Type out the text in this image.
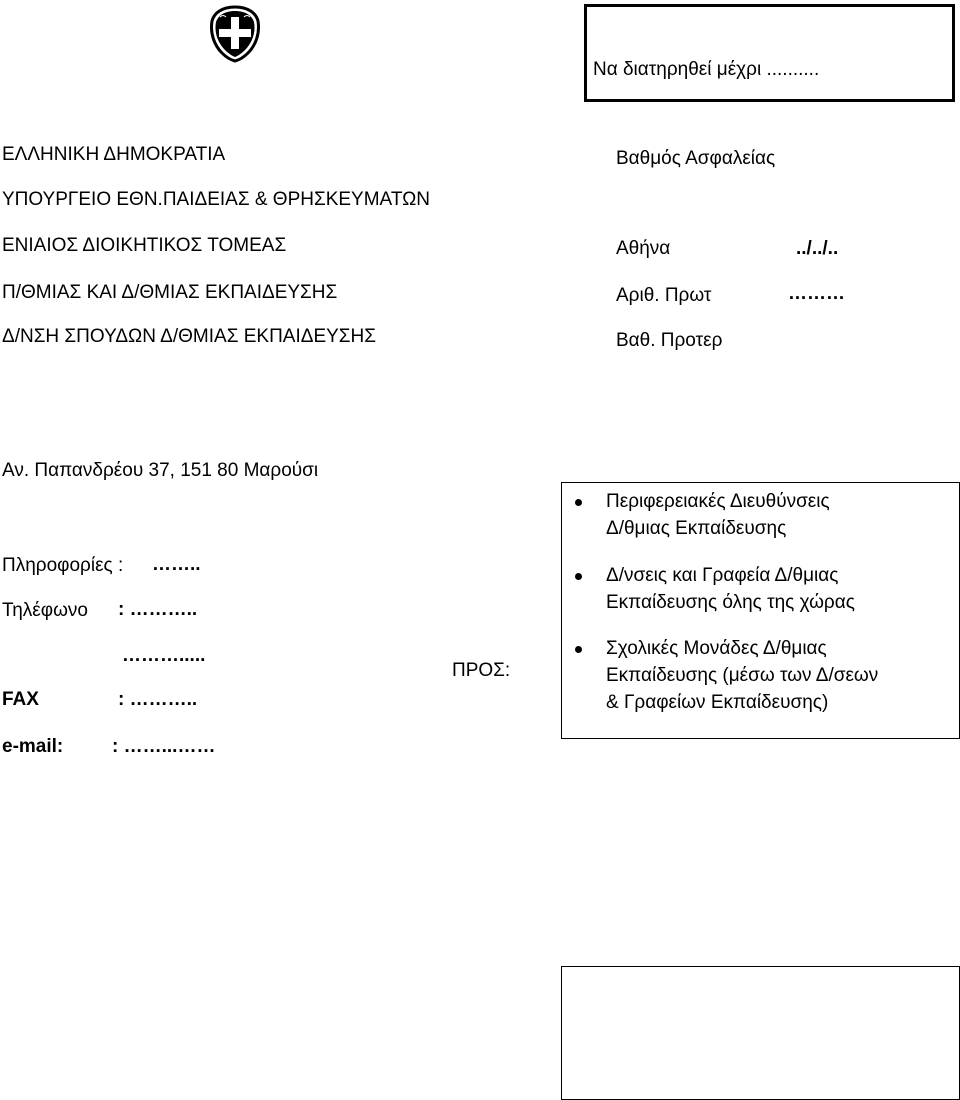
Να διατηρηθεί μέχρι ..........
ΕΛΛΗΝΙΚΗ ΔΗΜΟΚΡΑΤΙΑ
ΥΠΟΥΡΓΕΙΟ ΕΘΝ.ΠΑΙΔΕΙΑΣ & ΘΡΗΣΚΕΥΜΑΤΩΝ
ΕΝΙΑΙΟΣ ΔΙΟΙΚΗΤΙΚΟΣ ΤΟΜΕΑΣ
Π/ΘΜΙΑΣ ΚΑΙ Δ/ΘΜΙΑΣ ΕΚΠΑΙΔΕΥΣΗΣ
Δ/ΝΣΗ ΣΠΟΥΔΩΝ Δ/ΘΜΙΑΣ ΕΚΠΑΙΔΕΥΣΗΣ
Βαθμός Ασφαλείας
Αθήνα	../../..
Αριθ. Πρωτ	………
Βαθ. Προτερ
Αν. Παπανδρέου 37, 151 80 Μαρούσι
Πληροφορίες : ……..
Τηλέφωνο : ………..
……….....
FAX	: ………..
e-mail:	: ……...……
ΠΡΟΣ:
Περιφερειακές Διευθύνσεις
Δ/θμιας Εκπαίδευσης
Δ/νσεις και Γραφεία Δ/θμιας
Εκπαίδευσης όλης της χώρας
Σχολικές Μονάδες Δ/θμιας
Εκπαίδευσης (μέσω των Δ/σεων
& Γραφείων Εκπαίδευσης)
